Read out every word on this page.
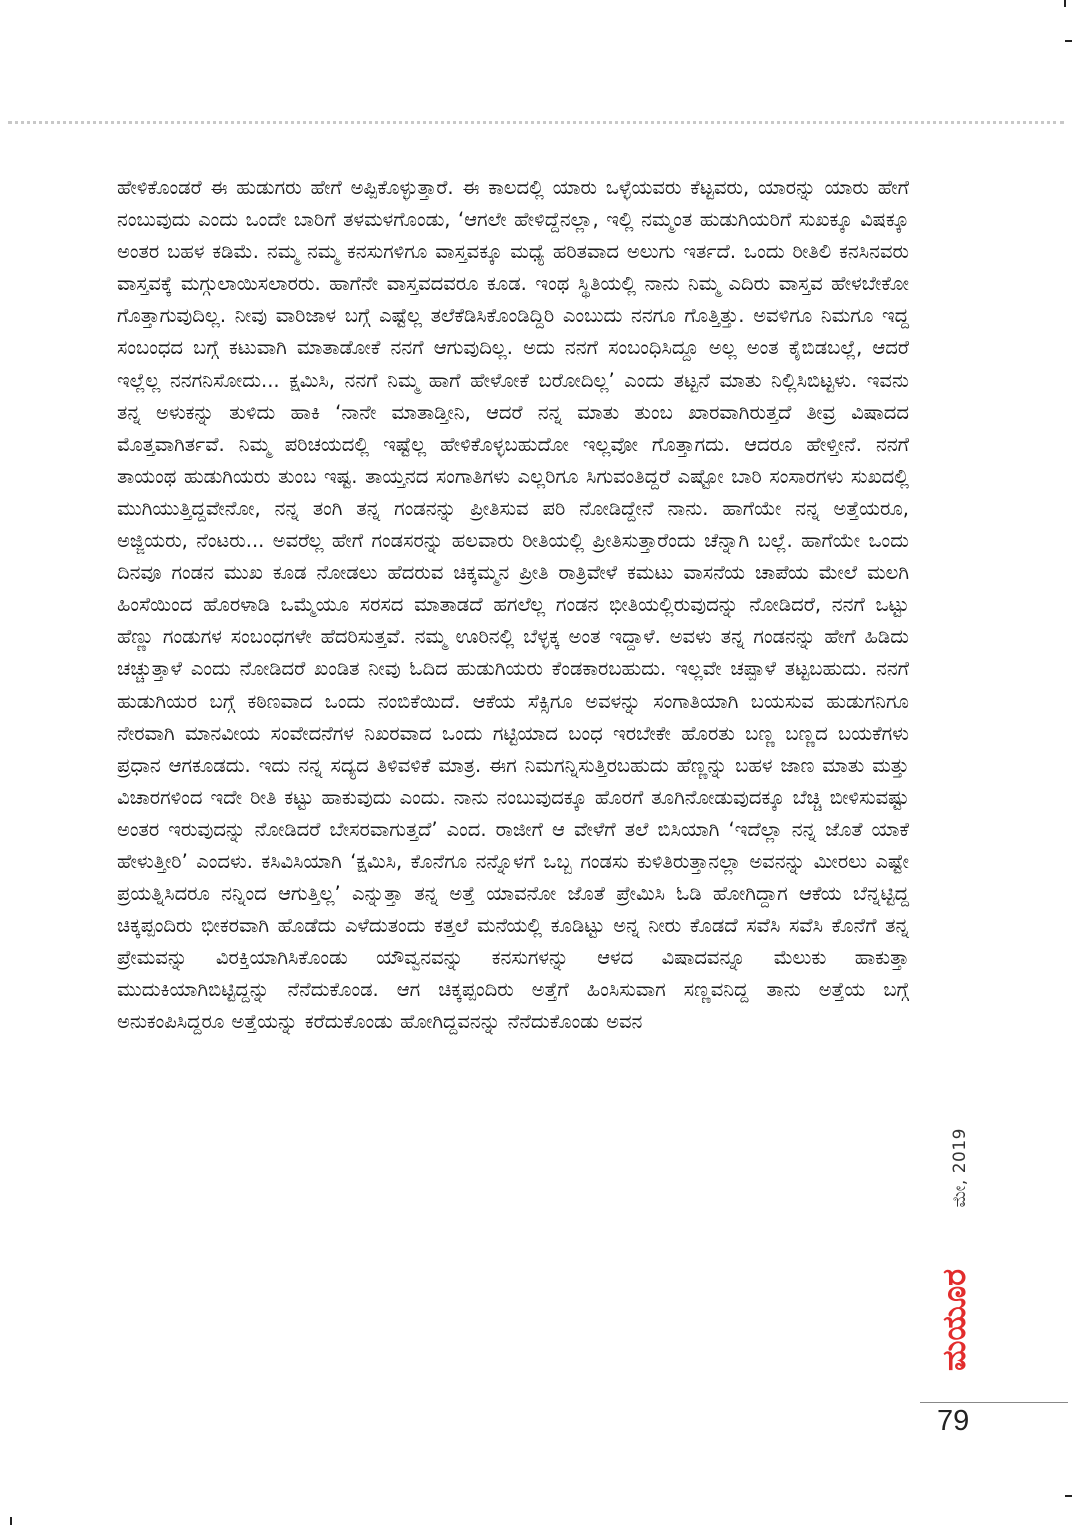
ಹೇಳಿಕೊಂಡರೆ ಈ ಹುಡುಗರು ಹೇಗೆ ಅಪ್ಪಿಕೊಳ್ಳುತ್ತಾರೆ. ಈ ಕಾಲದಲ್ಲಿ ಯಾರು ಒಳ್ಳೆಯವರು ಕೆಟ್ಟವರು, ಯಾರನ್ನು ಯಾರು ಹೇಗೆ ನಂಬುವುದು ಎಂದು ಒಂದೇ ಬಾರಿಗೆ ತಳಮಳಗೊಂಡು, ‘ಆಗಲೇ ಹೇಳಿದ್ದೆನಲ್ಲಾ, ಇಲ್ಲಿ ನಮ್ಮಂತ ಹುಡುಗಿಯರಿಗೆ ಸುಖಕ್ಕೂ ವಿಷಕ್ಕೂ ಅಂತರ ಬಹಳ ಕಡಿಮೆ. ನಮ್ಮ ನಮ್ಮ ಕನಸುಗಳಿಗೂ ವಾಸ್ತವಕ್ಕೂ ಮಧ್ಯೆ ಹರಿತವಾದ ಅಲುಗು ಇರ್ತದೆ. ಒಂದು ರೀತಿಲಿ ಕನಸಿನವರು ವಾಸ್ತವಕ್ಕೆ ಮಗ್ಗುಲಾಯಿಸಲಾರರು. ಹಾಗೆನೇ ವಾಸ್ತವದವರೂ ಕೂಡ. ಇಂಥ ಸ್ಥಿತಿಯಲ್ಲಿ ನಾನು ನಿಮ್ಮ ಎದಿರು ವಾಸ್ತವ ಹೇಳಬೇಕೋ ಗೊತ್ತಾಗುವುದಿಲ್ಲ. ನೀವು ವಾರಿಜಾಳ ಬಗ್ಗೆ ಎಷ್ಟೆಲ್ಲ ತಲೆಕೆಡಿಸಿಕೊಂಡಿದ್ದಿರಿ ಎಂಬುದು ನನಗೂ ಗೊತ್ತಿತ್ತು. ಅವಳಿಗೂ ನಿಮಗೂ ಇದ್ದ ಸಂಬಂಧದ ಬಗ್ಗೆ ಕಟುವಾಗಿ ಮಾತಾಡೋಕೆ ನನಗೆ ಆಗುವುದಿಲ್ಲ. ಅದು ನನಗೆ ಸಂಬಂಧಿಸಿದ್ದೂ ಅಲ್ಲ ಅಂತ ಕೈಬಿಡಬಲ್ಲೆ, ಆದರೆ ಇಲ್ಲೆಲ್ಲ ನನಗನಿಸೋದು... ಕ್ಷಮಿಸಿ, ನನಗೆ ನಿಮ್ಮ ಹಾಗೆ ಹೇಳೋಕೆ ಬರೋದಿಲ್ಲ’ ಎಂದು ತಟ್ಟನೆ ಮಾತು ನಿಲ್ಲಿಸಿಬಿಟ್ಟಳು. ಇವನು ತನ್ನ ಅಳುಕನ್ನು ತುಳಿದು ಹಾಕಿ ‘ನಾನೇ ಮಾತಾಡ್ತೀನಿ, ಆದರೆ ನನ್ನ ಮಾತು ತುಂಬ ಖಾರವಾಗಿರುತ್ತದೆ ತೀವ್ರ ವಿಷಾದದ ಮೊತ್ತವಾಗಿರ್ತವೆ. ನಿಮ್ಮ ಪರಿಚಯದಲ್ಲಿ ಇಷ್ಟೆಲ್ಲ ಹೇಳಿಕೊಳ್ಳಬಹುದೋ ಇಲ್ಲವೋ ಗೊತ್ತಾಗದು. ಆದರೂ ಹೇಳ್ತೀನೆ. ನನಗೆ ತಾಯಂಥ ಹುಡುಗಿಯರು ತುಂಬ ಇಷ್ಟ. ತಾಯ್ತನದ ಸಂಗಾತಿಗಳು ಎಲ್ಲರಿಗೂ ಸಿಗುವಂತಿದ್ದರೆ ಎಷ್ಟೋ ಬಾರಿ ಸಂಸಾರಗಳು ಸುಖದಲ್ಲಿ ಮುಗಿಯುತ್ತಿದ್ದವೇನೋ, ನನ್ನ ತಂಗಿ ತನ್ನ ಗಂಡನನ್ನು ಪ್ರೀತಿಸುವ ಪರಿ ನೋಡಿದ್ದೇನೆ ನಾನು. ಹಾಗೆಯೇ ನನ್ನ ಅತ್ತೆಯರೂ, ಅಜ್ಜಿಯರು, ನೆಂಟರು... ಅವರೆಲ್ಲ ಹೇಗೆ ಗಂಡಸರನ್ನು ಹಲವಾರು ರೀತಿಯಲ್ಲಿ ಪ್ರೀತಿಸುತ್ತಾರೆಂದು ಚೆನ್ನಾಗಿ ಬಲ್ಲೆ. ಹಾಗೆಯೇ ಒಂದು ದಿನವೂ ಗಂಡನ ಮುಖ ಕೂಡ ನೋಡಲು ಹೆದರುವ ಚಿಕ್ಕಮ್ಮನ ಪ್ರೀತಿ ರಾತ್ರಿವೇಳೆ ಕಮಟು ವಾಸನೆಯ ಚಾಪೆಯ ಮೇಲೆ ಮಲಗಿ ಹಿಂಸೆಯಿಂದ ಹೊರಳಾಡಿ ಒಮ್ಮೆಯೂ ಸರಸದ ಮಾತಾಡದೆ ಹಗಲೆಲ್ಲ ಗಂಡನ ಭೀತಿಯಲ್ಲಿರುವುದನ್ನು ನೋಡಿದರೆ, ನನಗೆ ಒಟ್ಟು ಹೆಣ್ಣು ಗಂಡುಗಳ ಸಂಬಂಧಗಳೇ ಹೆದರಿಸುತ್ತವೆ. ನಮ್ಮ ಊರಿನಲ್ಲಿ ಬೆಳ್ಳಕ್ಕ ಅಂತ ಇದ್ದಾಳೆ. ಅವಳು ತನ್ನ ಗಂಡನನ್ನು ಹೇಗೆ ಹಿಡಿದು ಚಚ್ಚುತ್ತಾಳೆ ಎಂದು ನೋಡಿದರೆ ಖಂಡಿತ ನೀವು ಓದಿದ ಹುಡುಗಿಯರು ಕೆಂಡಕಾರಬಹುದು. ಇಲ್ಲವೇ ಚಪ್ಪಾಳೆ ತಟ್ಟಬಹುದು. ನನಗೆ ಹುಡುಗಿಯರ ಬಗ್ಗೆ ಕಠಿಣವಾದ ಒಂದು ನಂಬಿಕೆಯಿದೆ. ಆಕೆಯ ಸೆಕ್ಸಿಗೂ ಅವಳನ್ನು ಸಂಗಾತಿಯಾಗಿ ಬಯಸುವ ಹುಡುಗನಿಗೂ ನೇರವಾಗಿ ಮಾನವೀಯ ಸಂವೇದನೆಗಳ ನಿಖರವಾದ ಒಂದು ಗಟ್ಟಿಯಾದ ಬಂಧ ಇರಬೇಕೇ ಹೊರತು ಬಣ್ಣ ಬಣ್ಣದ ಬಯಕೆಗಳು ಪ್ರಧಾನ ಆಗಕೂಡದು. ಇದು ನನ್ನ ಸದ್ಯದ ತಿಳಿವಳಿಕೆ ಮಾತ್ರ. ಈಗ ನಿಮಗನ್ನಿಸುತ್ತಿರಬಹುದು ಹೆಣ್ಣನ್ನು ಬಹಳ ಜಾಣ ಮಾತು ಮತ್ತು ವಿಚಾರಗಳಿಂದ ಇದೇ ರೀತಿ ಕಟ್ಟು ಹಾಕುವುದು ಎಂದು. ನಾನು ನಂಬುವುದಕ್ಕೂ ಹೊರಗೆ ತೂಗಿನೋಡುವುದಕ್ಕೂ ಬೆಚ್ಚಿ ಬೀಳಿಸುವಷ್ಟು ಅಂತರ ಇರುವುದನ್ನು ನೋಡಿದರೆ ಬೇಸರವಾಗುತ್ತದೆ’ ಎಂದ. ರಾಜೀಗೆ ಆ ವೇಳೆಗೆ ತಲೆ ಬಿಸಿಯಾಗಿ ‘ಇದೆಲ್ಲಾ ನನ್ನ ಜೊತೆ ಯಾಕೆ ಹೇಳುತ್ತೀರಿ’ ಎಂದಳು. ಕಸಿವಿಸಿಯಾಗಿ ‘ಕ್ಷಮಿಸಿ, ಕೊನೆಗೂ ನನ್ನೊಳಗೆ ಒಬ್ಬ ಗಂಡಸು ಕುಳಿತಿರುತ್ತಾನಲ್ಲಾ ಅವನನ್ನು ಮೀರಲು ಎಷ್ಟೇ ಪ್ರಯತ್ನಿಸಿದರೂ ನನ್ನಿಂದ ಆಗುತ್ತಿಲ್ಲ’ ಎನ್ನುತ್ತಾ ತನ್ನ ಅತ್ತೆ ಯಾವನೋ ಜೊತೆ ಪ್ರೇಮಿಸಿ ಓಡಿ ಹೋಗಿದ್ದಾಗ ಆಕೆಯ ಬೆನ್ನಟ್ಟಿದ್ದ ಚಿಕ್ಕಪ್ಪಂದಿರು ಭೀಕರವಾಗಿ ಹೊಡೆದು ಎಳೆದುತಂದು ಕತ್ತಲೆ ಮನೆಯಲ್ಲಿ ಕೂಡಿಟ್ಟು ಅನ್ನ ನೀರು ಕೊಡದೆ ಸವೆಸಿ ಸವೆಸಿ ಕೊನೆಗೆ ತನ್ನ ಪ್ರೇಮವನ್ನು ವಿರಕ್ತಿಯಾಗಿಸಿಕೊಂಡು ಯೌವ್ವನವನ್ನು ಕನಸುಗಳನ್ನು ಆಳದ ವಿಷಾದವನ್ನೂ ಮೆಲುಕು ಹಾಕುತ್ತಾ ಮುದುಕಿಯಾಗಿಬಿಟ್ಟಿದ್ದನ್ನು ನೆನೆದುಕೊಂಡ. ಆಗ ಚಿಕ್ಕಪ್ಪಂದಿರು ಅತ್ತೆಗೆ ಹಿಂಸಿಸುವಾಗ ಸಣ್ಣವನಿದ್ದ ತಾನು ಅತ್ತೆಯ ಬಗ್ಗೆ ಅನುಕಂಪಿಸಿದ್ದರೂ ಅತ್ತೆಯನ್ನು ಕರೆದುಕೊಂಡು ಹೋಗಿದ್ದವನನ್ನು ನೆನೆದುಕೊಂಡು ಅವನ

ಮೇ, 2019
ಮಯೂರ
79
